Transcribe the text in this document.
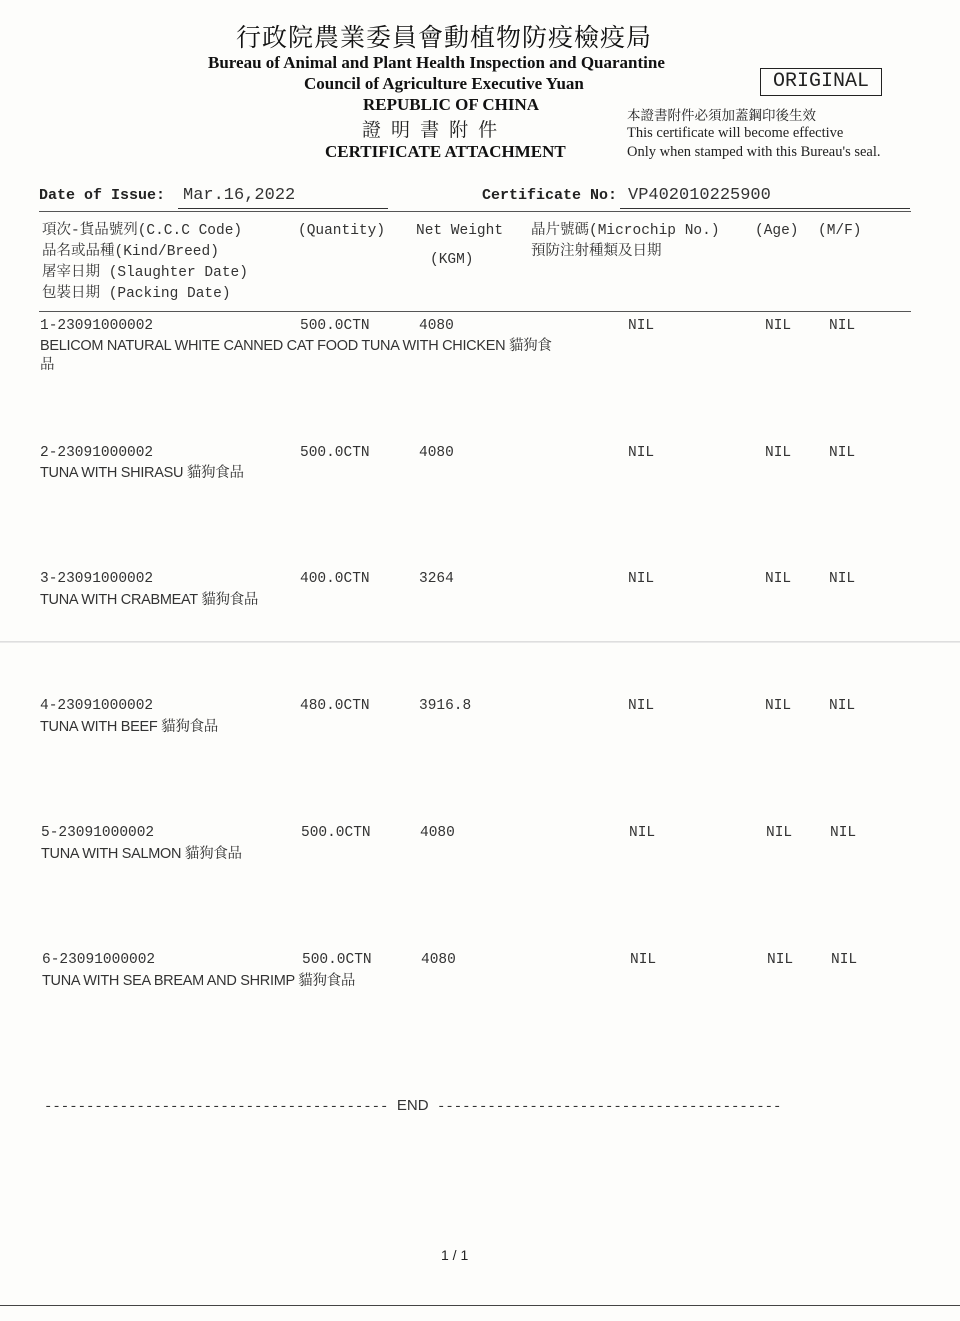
行政院農業委員會動植物防疫檢疫局
Bureau of Animal and Plant Health Inspection and Quarantine
Council of Agriculture Executive Yuan
REPUBLIC OF CHINA
證 明 書 附 件
CERTIFICATE ATTACHMENT
ORIGINAL
本證書附件必須加蓋鋼印後生效
This certificate will become effective
Only when stamped with this Bureau's seal.
Date of Issue: Mar.16,2022	Certificate No: VP402010225900
項次-貨品號列(C.C.C Code)
品名或品種(Kind/Breed)
屠宰日期 (Slaughter Date)
包裝日期 (Packing Date)
(Quantity) Net Weight
(KGM)
晶片號碼(Microchip No.)
預防注射種類及日期
(Age) (M/F)
1-23091000002	500.0CTN	4080	NIL	NIL	NIL
BELICOM NATURAL WHITE CANNED CAT FOOD TUNA WITH CHICKEN 貓狗食
品
2-23091000002	500.0CTN	4080	NIL	NIL	NIL
TUNA WITH SHIRASU 貓狗食品
3-23091000002	400.0CTN	3264	NIL	NIL	NIL
TUNA WITH CRABMEAT 貓狗食品
4-23091000002	480.0CTN	3916.8	NIL	NIL	NIL
TUNA WITH BEEF 貓狗食品
5-23091000002	500.0CTN	4080	NIL	NIL	NIL
TUNA WITH SALMON 貓狗食品
6-23091000002	500.0CTN	4080	NIL	NIL	NIL
TUNA WITH SEA BREAM AND SHRIMP 貓狗食品
----------------------------------------- END -----------------------------------------
1 / 1
